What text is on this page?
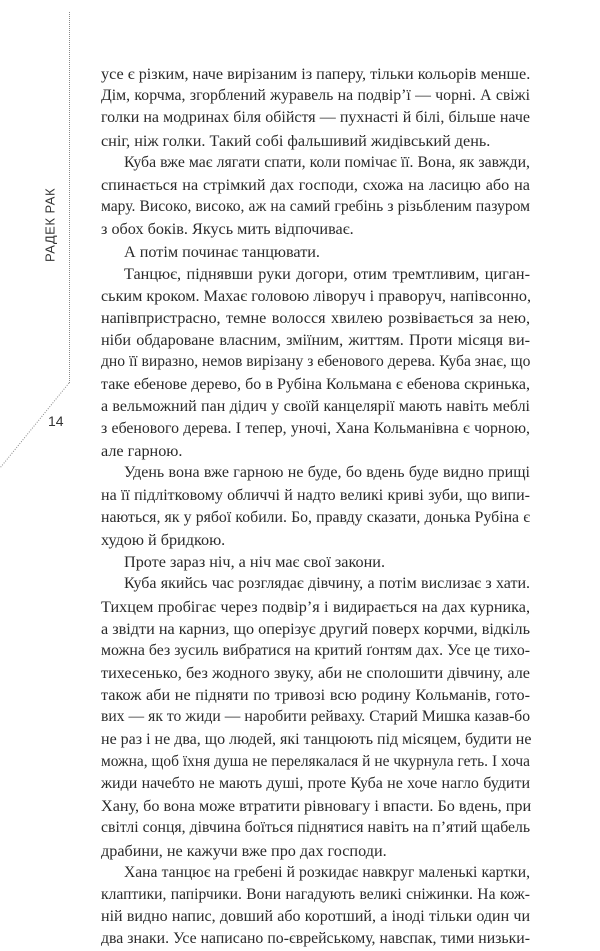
РАДЕК РАК
14
усе є різким, наче вирізаним із паперу, тільки кольорів менше.
Дім, корчма, згорблений журавель на подвір’ї — чорні. А свіжі
голки на модринах біля обійстя — пухнасті й білі, більше наче
сніг, ніж голки. Такий собі фальшивий жидівський день.
Куба вже має лягати спати, коли помічає її. Вона, як завжди,
спинається на стрімкий дах господи, схожа на ласицю або на
мару. Високо, високо, аж на самий гребінь з різьбленим пазуром
з обох боків. Якусь мить відпочиває.
А потім починає танцювати.
Танцює, піднявши руки догори, отим тремтливим, циган-
ським кроком. Махає головою ліворуч і праворуч, напівсонно,
напівпристрасно, темне волосся хвилею розвівається за нею,
ніби обдароване власним, зміїним, життям. Проти місяця ви-
дно її виразно, немов вирізану з ебенового дерева. Куба знає, що
таке ебенове дерево, бо в Рубіна Кольмана є ебенова скринька,
а вельможний пан дідич у своїй канцелярії мають навіть меблі
з ебенового дерева. І тепер, уночі, Хана Кольманівна є чорною,
але гарною.
Удень вона вже гарною не буде, бо вдень буде видно прищі
на її підлітковому обличчі й надто великі криві зуби, що випи-
наються, як у рябої кобили. Бо, правду сказати, донька Рубіна є
худою й бридкою.
Проте зараз ніч, а ніч має свої закони.
Куба якийсь час розглядає дівчину, а потім вислизає з хати.
Тихцем пробігає через подвір’я і видирається на дах курника,
а звідти на карниз, що оперізує другий поверх корчми, відкіль
можна без зусиль вибратися на критий ґонтям дах. Усе це тихо-
тихесенько, без жодного звуку, аби не сполошити дівчину, але
також аби не підняти по тривозі всю родину Кольманів, гото-
вих — як то жиди — наробити рейваху. Старий Мишка казав-бо
не раз і не два, що людей, які танцюють під місяцем, будити не
можна, щоб їхня душа не перелякалася й не чкурнула геть. І хоча
жиди начебто не мають душі, проте Куба не хоче нагло будити
Хану, бо вона може втратити рівновагу і впасти. Бо вдень, при
світлі сонця, дівчина боїться піднятися навіть на п’ятий щабель
драбини, не кажучи вже про дах господи.
Хана танцює на гребені й розкидає навкруг маленькі картки,
клаптики, папірчики. Вони нагадують великі сніжинки. На кож-
ній видно напис, довший або коротший, а іноді тільки один чи
два знаки. Усе написано по-єврейському, навспак, тими низьки-
